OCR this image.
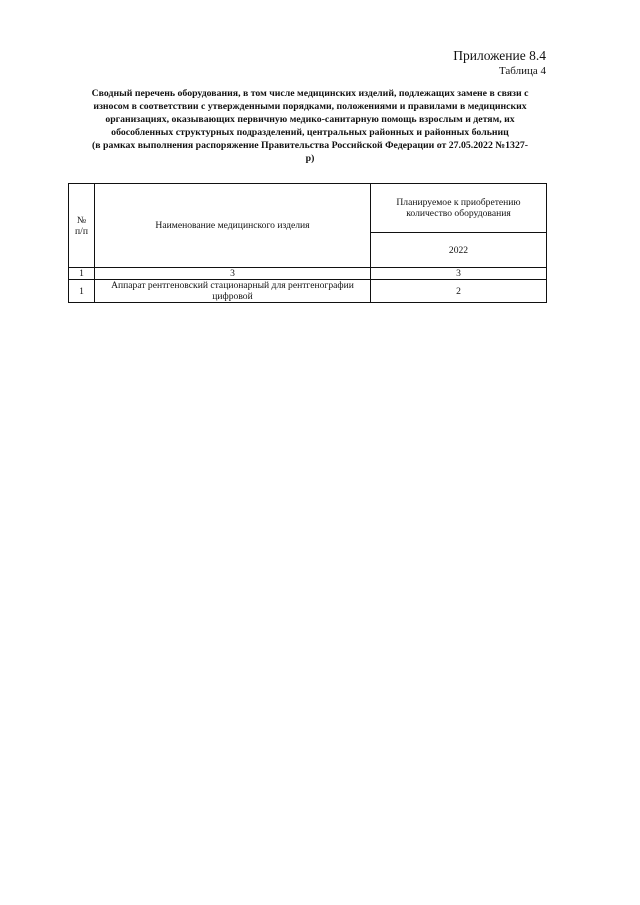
Приложение 8.4
Таблица 4
Сводный перечень оборудования, в том числе медицинских изделий, подлежащих замене в связи с
износом в соответствии с утвержденными порядками, положениями и правилами в медицинских
организациях, оказывающих первичную медико-санитарную помощь взрослым и детям, их
обособленных структурных подразделений, центральных районных и районных больниц
(в рамках выполнения распоряжение Правительства Российской Федерации от 27.05.2022 №1327-
р)
№ п/п	Наименование медицинского изделия	Планируемое к приобретению количество оборудования
		2022
1	3	3
1	Аппарат рентгеновский стационарный для рентгенографии цифровой	2
